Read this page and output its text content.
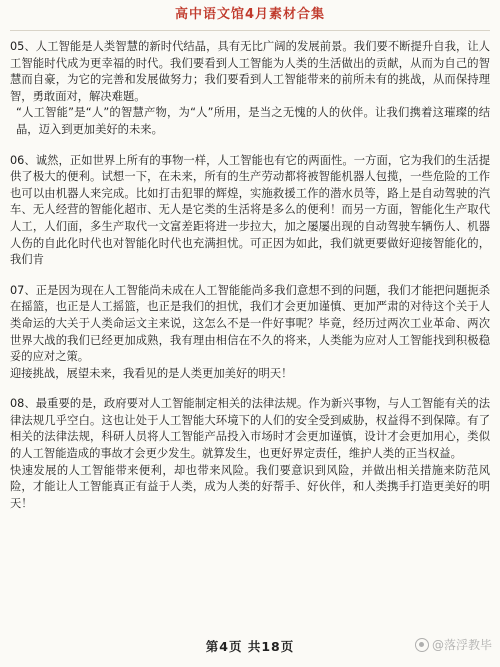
高中语文馆4月素材合集

05、人工智能是人类智慧的新时代结晶，具有无比广阔的发展前景。我们要不断提升自我，让人工智能时代成为更幸福的时代。我们要看到人工智能为人类的生活做出的贡献，从而为自己的智慧而自豪，为它的完善和发展做努力；我们要看到人工智能带来的前所未有的挑战，从而保持理智，勇敢面对，解决难题。

“人工智能”是“人”的智慧产物，为“人”所用，是当之无愧的人的伙伴。让我们携着这璀璨的结晶，迈入到更加美好的未来。

06、诚然，正如世界上所有的事物一样，人工智能也有它的两面性。一方面，它为我们的生活提供了极大的便利。试想一下，在未来，所有的生产劳动都将被智能机器人包揽，一些危险的工作也可以由机器人来完成。比如打击犯罪的辉煌，实施救援工作的潜水员等，路上是自动驾驶的汽车、无人经营的智能化超市、无人是它类的生活将是多么的便利！而另一方面，智能化生产取代人工，人们面，多生产取代一文富差距将进一步拉大，加之屡屡出现的自动驾驶车辆伤人、机器人伤的自此化时代也对智能化时代也充满担忧。可正因为如此，我们就更要做好迎接智能化的，我们肯

07、正是因为现在人工智能尚未成在人工智能能尚多我们意想不到的问题，我们才能把问题扼杀在摇篮，也正是人工摇篮，也正是我们的担忧，我们才会更加谨慎、更加严肃的对待这个关于人类命运的大关于人类命运文主来说，这怎么不是一件好事呢？毕竟，经历过两次工业革命、两次世界大战的我们已经更加成熟，我有理由相信在不久的将来，人类能为应对人工智能找到积极稳妥的应对之策。

迎接挑战，展望未来，我看见的是人类更加美好的明天！

08、最重要的是，政府要对人工智能制定相关的法律法规。作为新兴事物，与人工智能有关的法律法规几乎空白。这也让处于人工智能大环境下的人们的安全受到威胁，权益得不到保障。有了相关的法律法规，科研人员将人工智能产品投入市场时才会更加谨慎，设计才会更加用心，类似的人工智能造成的事故才会更少发生。就算发生，也更好界定责任，维护人类的正当权益。

快速发展的人工智能带来便利，却也带来风险。我们要意识到风险，并做出相关措施来防范风险，才能让人工智能真正有益于人类，成为人类的好帮手、好伙伴，和人类携手打造更美好的明天！

第4页 共18页	@落浮教毕
